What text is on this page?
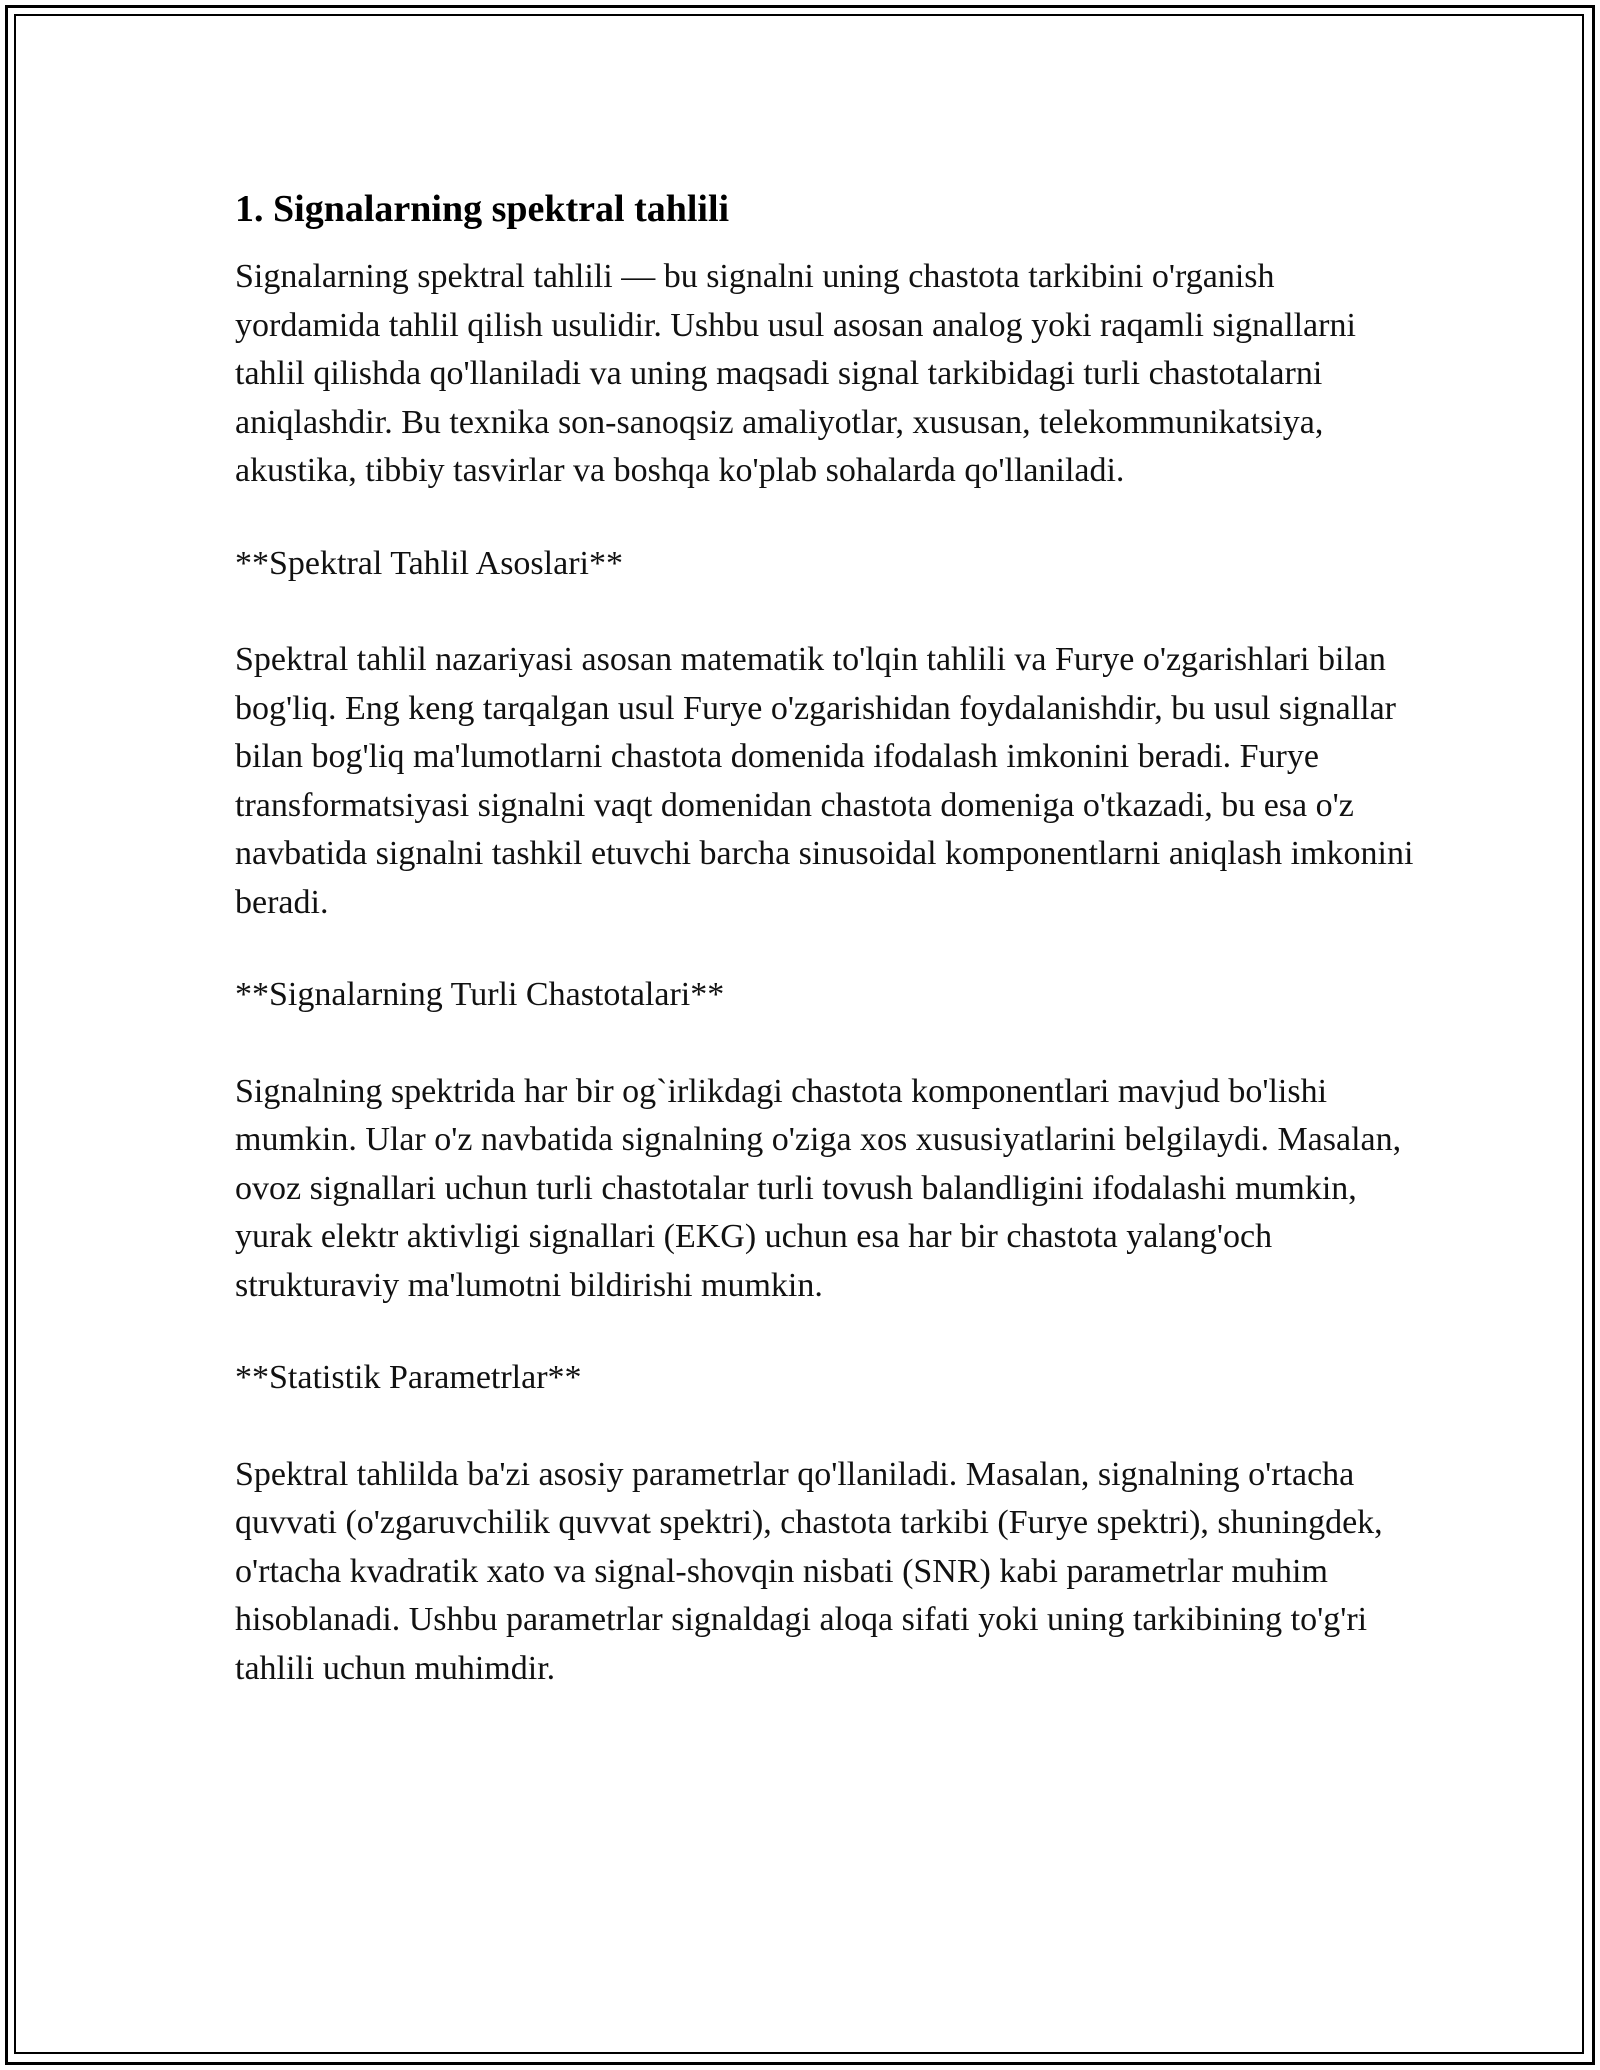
1. Signalarning spektral tahlili

Signalarning spektral tahlili — bu signalni uning chastota tarkibini o'rganish yordamida tahlil qilish usulidir. Ushbu usul asosan analog yoki raqamli signallarni tahlil qilishda qo'llaniladi va uning maqsadi signal tarkibidagi turli chastotalarni aniqlashdir. Bu texnika son-sanoqsiz amaliyotlar, xususan, telekommunikatsiya, akustika, tibbiy tasvirlar va boshqa ko'plab sohalarda qo'llaniladi.

**Spektral Tahlil Asoslari**

Spektral tahlil nazariyasi asosan matematik to'lqin tahlili va Furye o'zgarishlari bilan bog'liq. Eng keng tarqalgan usul Furye o'zgarishidan foydalanishdir, bu usul signallar bilan bog'liq ma'lumotlarni chastota domenida ifodalash imkonini beradi. Furye transformatsiyasi signalni vaqt domenidan chastota domeniga o'tkazadi, bu esa o'z navbatida signalni tashkil etuvchi barcha sinusoidal komponentlarni aniqlash imkonini beradi.

**Signalarning Turli Chastotalari**

Signalning spektrida har bir og`irlikdagi chastota komponentlari mavjud bo'lishi mumkin. Ular o'z navbatida signalning o'ziga xos xususiyatlarini belgilaydi. Masalan, ovoz signallari uchun turli chastotalar turli tovush balandligini ifodalashi mumkin, yurak elektr aktivligi signallari (EKG) uchun esa har bir chastota yalang'och strukturaviy ma'lumotni bildirishi mumkin.

**Statistik Parametrlar**

Spektral tahlilda ba'zi asosiy parametrlar qo'llaniladi. Masalan, signalning o'rtacha quvvati (o'zgaruvchilik quvvat spektri), chastota tarkibi (Furye spektri), shuningdek, o'rtacha kvadratik xato va signal-shovqin nisbati (SNR) kabi parametrlar muhim hisoblanadi. Ushbu parametrlar signaldagi aloqa sifati yoki uning tarkibining to'g'ri tahlili uchun muhimdir.
